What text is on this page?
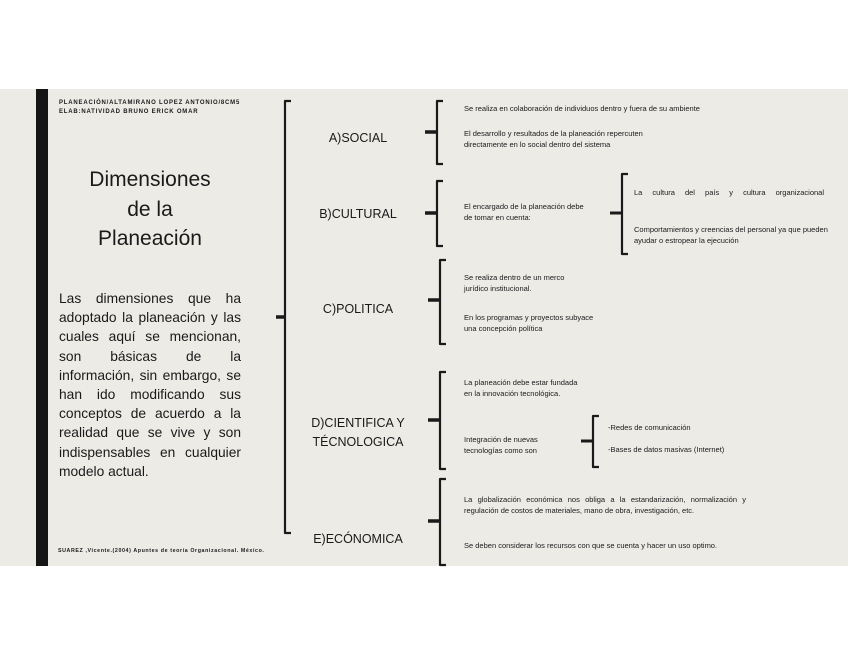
PLANEACIÓN/ALTAMIRANO LOPEZ ANTONIO/8CM5
ELAB:NATIVIDAD BRUNO ERICK OMAR
Dimensiones
de la
Planeación
Las dimensiones que ha adoptado la planeación y las cuales aquí se mencionan, son básicas de la información, sin embargo, se han ido modificando sus conceptos de acuerdo a la realidad que se vive y son indispensables en cualquier modelo actual.
SUAREZ ,Vicente.(2004) Apuntes de teoría Organizacional. México.
A)SOCIAL
B)CULTURAL
C)POLITICA
D)CIENTIFICA Y
TÉCNOLOGICA
E)ECÓNOMICA
Se realiza en colaboración de individuos dentro y fuera de su ambiente
El desarrollo y resultados de la planeación repercuten directamente en lo social dentro del sistema
El encargado de la planeación debe de tomar en cuenta:
La cultura del país y cultura organizacional
Comportamientos y creencias del personal ya que pueden ayudar o estropear la ejecución
Se realiza dentro de un merco jurídico institucional.
En los programas y proyectos subyace una concepción política
La planeación debe estar fundada en la innovación tecnológica.
Integración de nuevas tecnologías como son
-Redes de comunicación
-Bases de datos masivas (Internet)
La globalización económica nos obliga a la estandarización, normalización y regulación de costos de materiales, mano de obra, investigación, etc.
Se deben considerar los recursos con que se cuenta y hacer un uso optimo.
